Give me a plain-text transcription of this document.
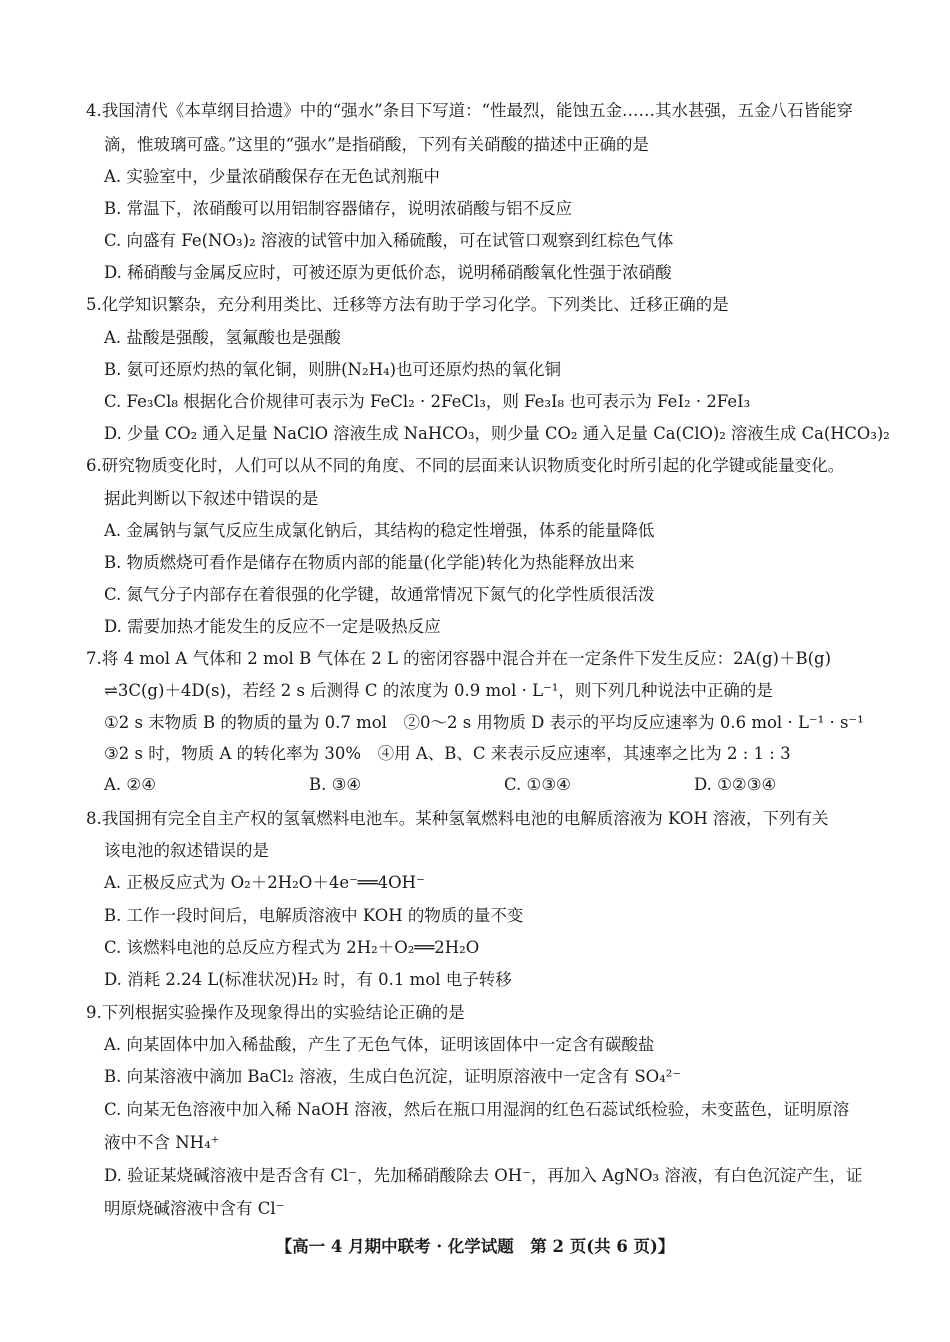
4.我国清代《本草纲目拾遗》中的“强水”条目下写道：“性最烈，能蚀五金……其水甚强，五金八石皆能穿
滴，惟玻璃可盛。”这里的“强水”是指硝酸，下列有关硝酸的描述中正确的是
A. 实验室中，少量浓硝酸保存在无色试剂瓶中
B. 常温下，浓硝酸可以用铝制容器储存，说明浓硝酸与铝不反应
C. 向盛有 Fe(NO₃)₂ 溶液的试管中加入稀硫酸，可在试管口观察到红棕色气体
D. 稀硝酸与金属反应时，可被还原为更低价态，说明稀硝酸氧化性强于浓硝酸
5.化学知识繁杂，充分利用类比、迁移等方法有助于学习化学。下列类比、迁移正确的是
A. 盐酸是强酸，氢氟酸也是强酸
B. 氨可还原灼热的氧化铜，则肼(N₂H₄)也可还原灼热的氧化铜
C. Fe₃Cl₈ 根据化合价规律可表示为 FeCl₂ · 2FeCl₃，则 Fe₃I₈ 也可表示为 FeI₂ · 2FeI₃
D. 少量 CO₂ 通入足量 NaClO 溶液生成 NaHCO₃，则少量 CO₂ 通入足量 Ca(ClO)₂ 溶液生成 Ca(HCO₃)₂
6.研究物质变化时，人们可以从不同的角度、不同的层面来认识物质变化时所引起的化学键或能量变化。
据此判断以下叙述中错误的是
A. 金属钠与氯气反应生成氯化钠后，其结构的稳定性增强，体系的能量降低
B. 物质燃烧可看作是储存在物质内部的能量(化学能)转化为热能释放出来
C. 氮气分子内部存在着很强的化学键，故通常情况下氮气的化学性质很活泼
D. 需要加热才能发生的反应不一定是吸热反应
7.将 4 mol A 气体和 2 mol B 气体在 2 L 的密闭容器中混合并在一定条件下发生反应：2A(g)＋B(g)
⇌3C(g)＋4D(s)，若经 2 s 后测得 C 的浓度为 0.9 mol · L⁻¹，则下列几种说法中正确的是
①2 s 末物质 B 的物质的量为 0.7 mol　②0～2 s 用物质 D 表示的平均反应速率为 0.6 mol · L⁻¹ · s⁻¹
③2 s 时，物质 A 的转化率为 30%　④用 A、B、C 来表示反应速率，其速率之比为 2 : 1 : 3
A. ②④	B. ③④	C. ①③④	D. ①②③④
8.我国拥有完全自主产权的氢氧燃料电池车。某种氢氧燃料电池的电解质溶液为 KOH 溶液，下列有关
该电池的叙述错误的是
A. 正极反应式为 O₂＋2H₂O＋4e⁻══4OH⁻
B. 工作一段时间后，电解质溶液中 KOH 的物质的量不变
C. 该燃料电池的总反应方程式为 2H₂＋O₂══2H₂O
D. 消耗 2.24 L(标准状况)H₂ 时，有 0.1 mol 电子转移
9.下列根据实验操作及现象得出的实验结论正确的是
A. 向某固体中加入稀盐酸，产生了无色气体，证明该固体中一定含有碳酸盐
B. 向某溶液中滴加 BaCl₂ 溶液，生成白色沉淀，证明原溶液中一定含有 SO₄²⁻
C. 向某无色溶液中加入稀 NaOH 溶液，然后在瓶口用湿润的红色石蕊试纸检验，未变蓝色，证明原溶
液中不含 NH₄⁺
D. 验证某烧碱溶液中是否含有 Cl⁻，先加稀硝酸除去 OH⁻，再加入 AgNO₃ 溶液，有白色沉淀产生，证
明原烧碱溶液中含有 Cl⁻
【高一 4 月期中联考 · 化学试题　第 2 页(共 6 页)】
